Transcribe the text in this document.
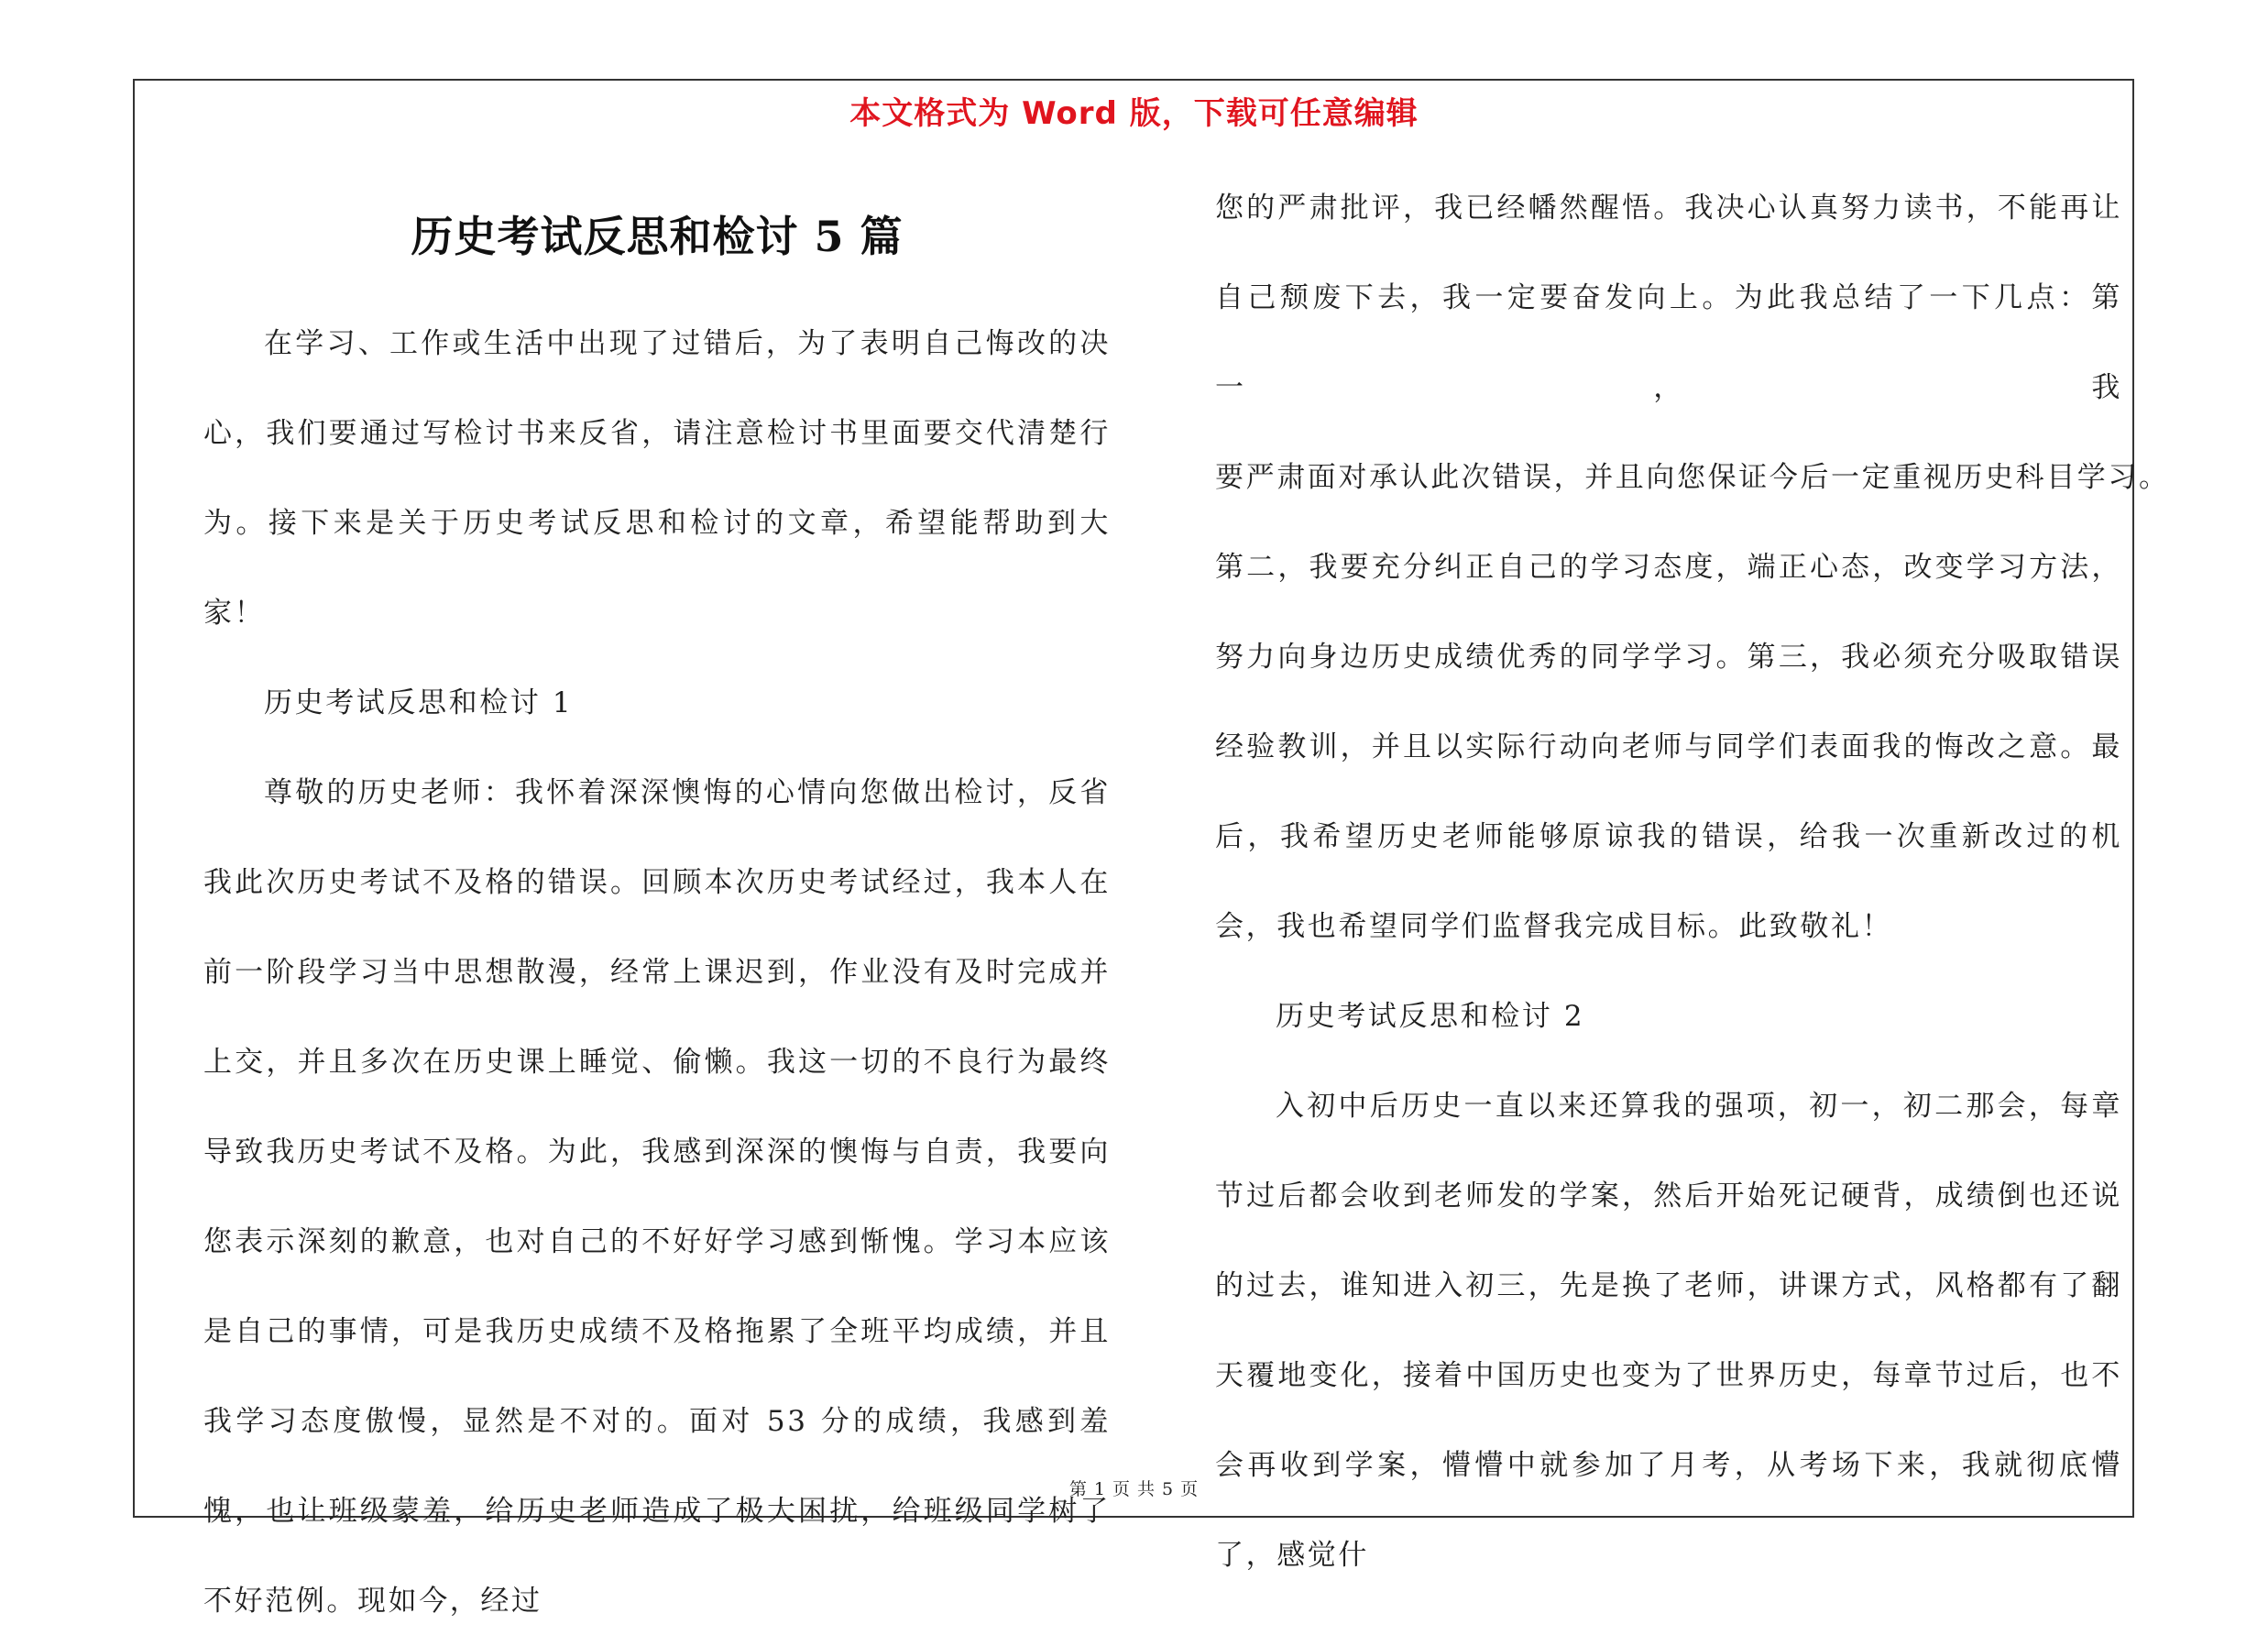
本文格式为 Word 版，下载可任意编辑
历史考试反思和检讨 5 篇

在学习、工作或生活中出现了过错后，为了表明自己悔改的决心，我们要通过写检讨书来反省，请注意检讨书里面要交代清楚行为。接下来是关于历史考试反思和检讨的文章，希望能帮助到大家！

历史考试反思和检讨 1

尊敬的历史老师：我怀着深深懊悔的心情向您做出检讨，反省我此次历史考试不及格的错误。回顾本次历史考试经过，我本人在前一阶段学习当中思想散漫，经常上课迟到，作业没有及时完成并上交，并且多次在历史课上睡觉、偷懒。我这一切的不良行为最终导致我历史考试不及格。为此，我感到深深的懊悔与自责，我要向您表示深刻的歉意，也对自己的不好好学习感到惭愧。学习本应该是自己的事情，可是我历史成绩不及格拖累了全班平均成绩，并且我学习态度傲慢，显然是不对的。面对 53 分的成绩，我感到羞愧，也让班级蒙羞，给历史老师造成了极大困扰，给班级同学树了不好范例。现如今，经过

您的严肃批评，我已经幡然醒悟。我决心认真努力读书，不能再让自己颓废下去，我一定要奋发向上。为此我总结了一下几点：第一，我要严肃面对承认此次错误，并且向您保证今后一定重视历史科目学习。第二，我要充分纠正自己的学习态度，端正心态，改变学习方法，努力向身边历史成绩优秀的同学学习。第三，我必须充分吸取错误经验教训，并且以实际行动向老师与同学们表面我的悔改之意。最后，我希望历史老师能够原谅我的错误，给我一次重新改过的机会，我也希望同学们监督我完成目标。此致敬礼！

历史考试反思和检讨 2

入初中后历史一直以来还算我的强项，初一，初二那会，每章节过后都会收到老师发的学案，然后开始死记硬背，成绩倒也还说的过去，谁知进入初三，先是换了老师，讲课方式，风格都有了翻天覆地变化，接着中国历史也变为了世界历史，每章节过后，也不会再收到学案，懵懵中就参加了月考，从考场下来，我就彻底懵了，感觉什

第 1 页 共 5 页
